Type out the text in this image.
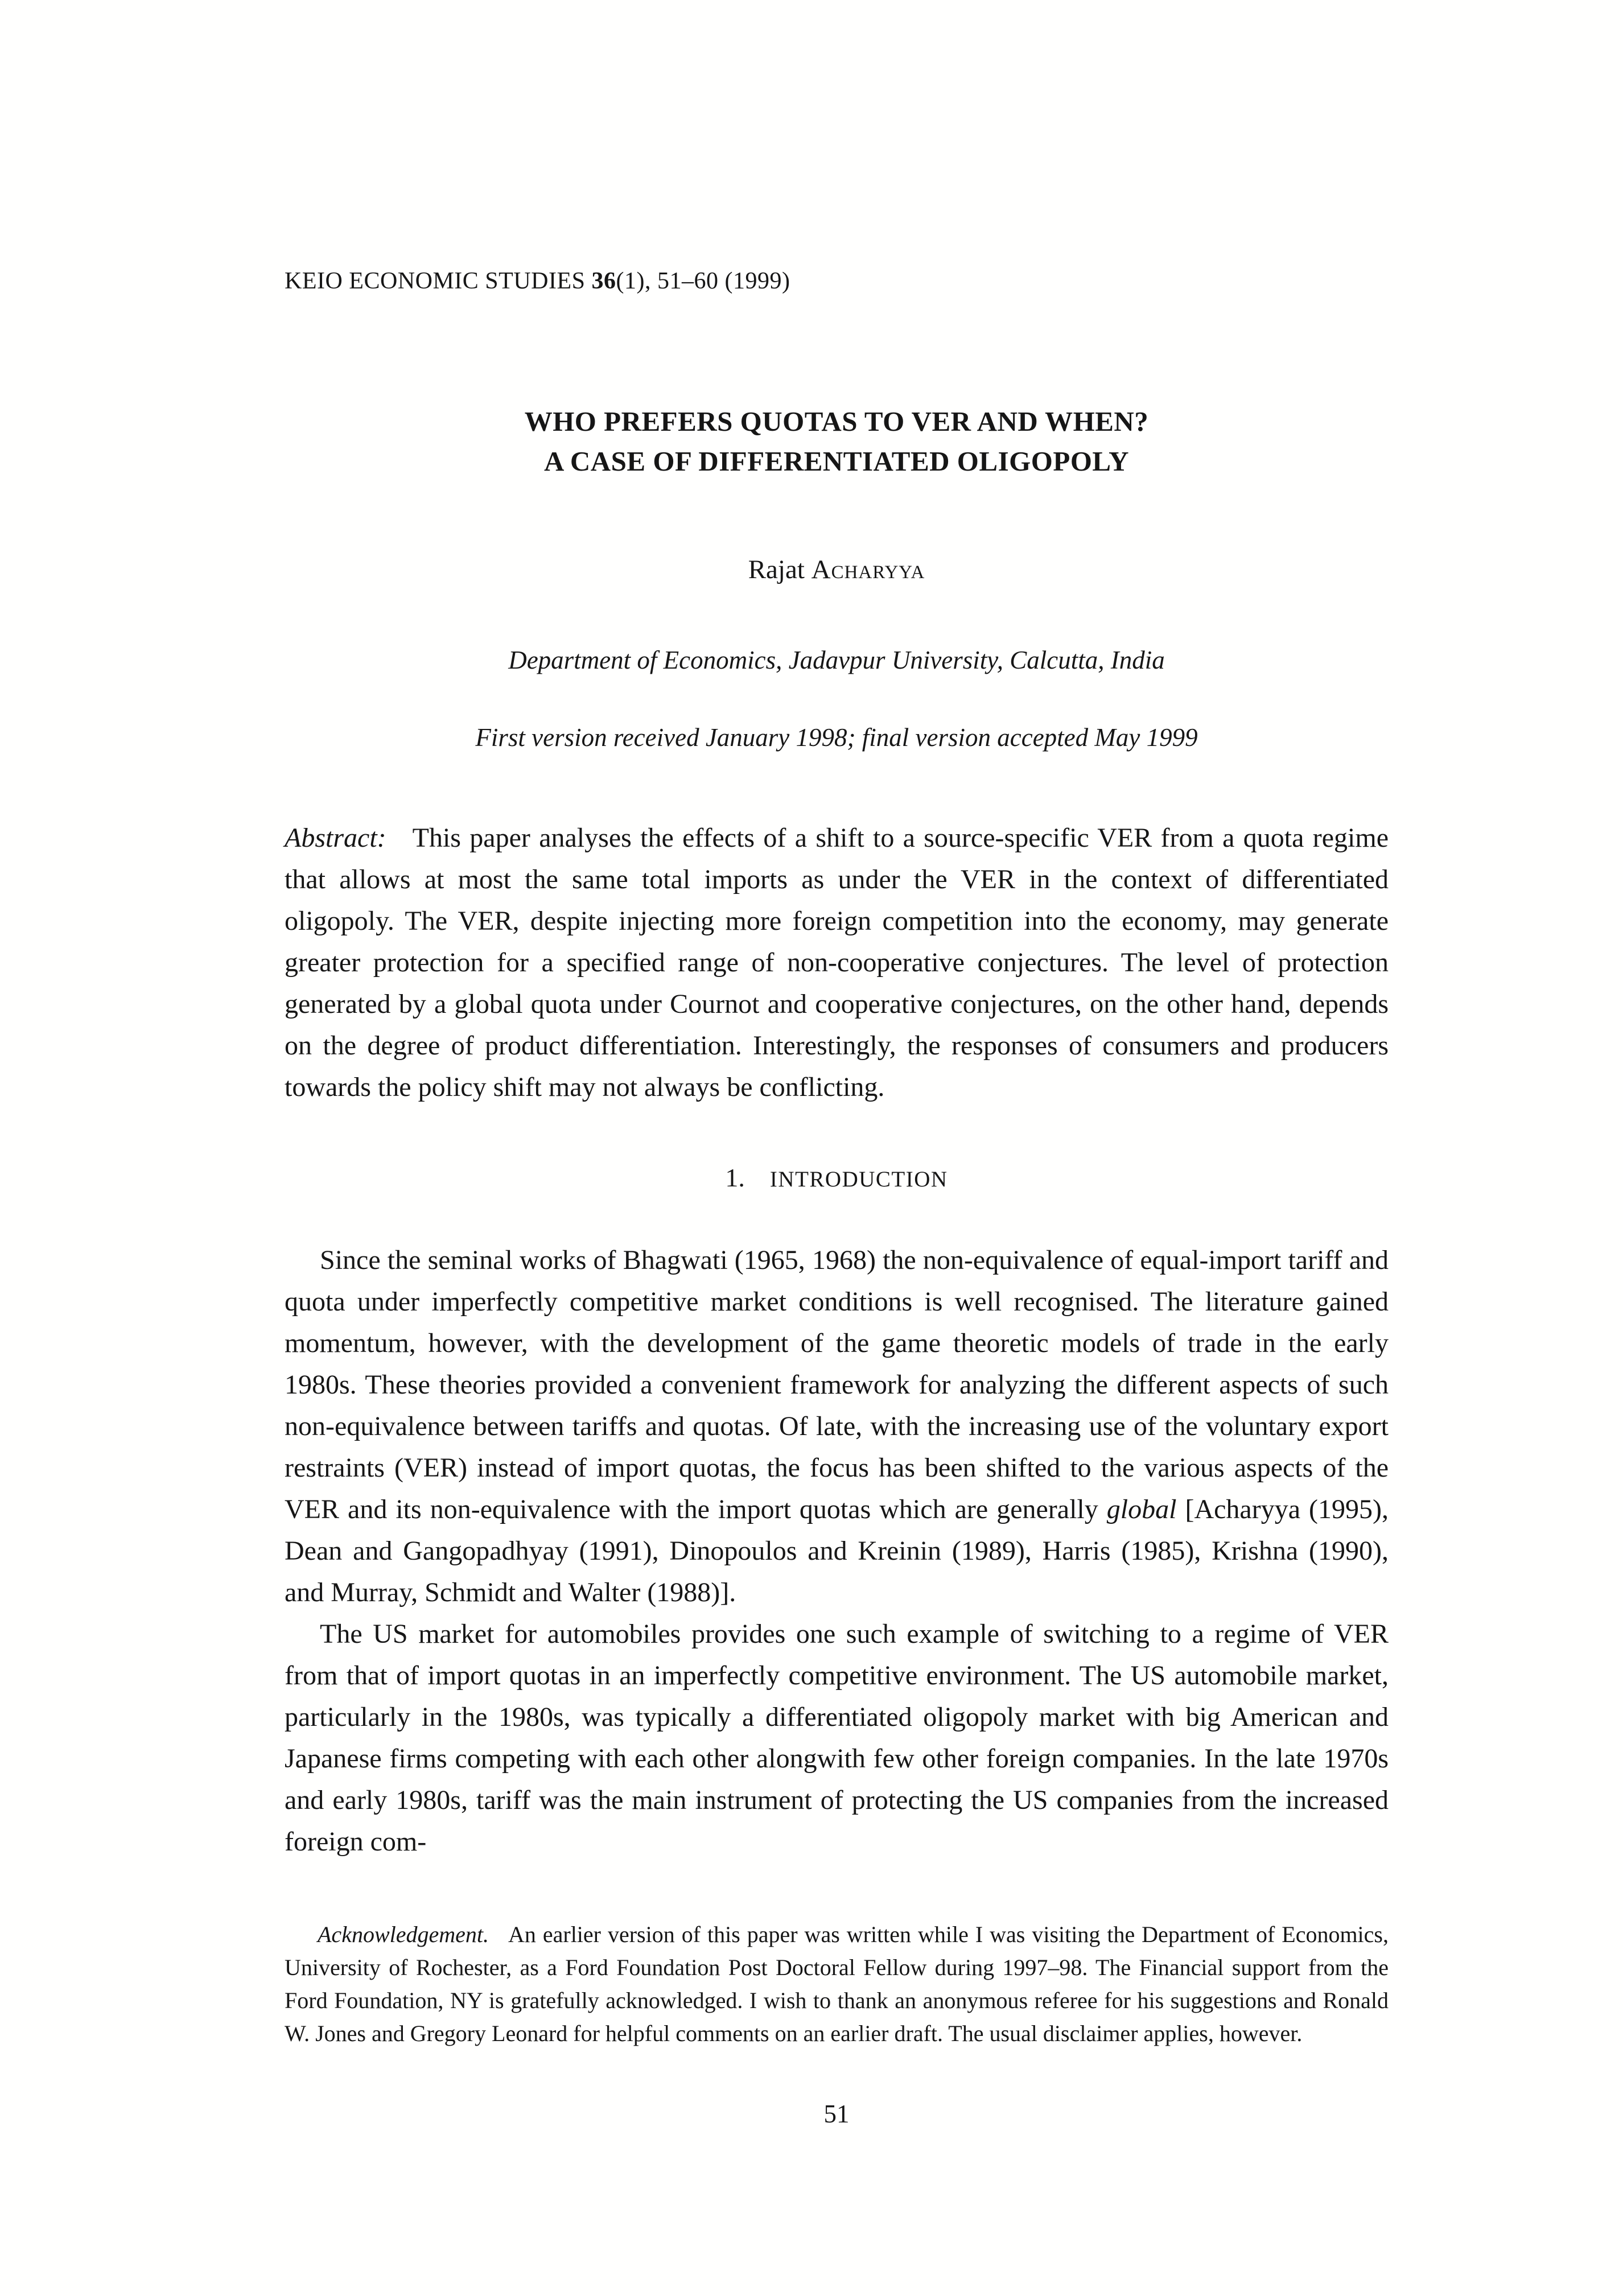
KEIO ECONOMIC STUDIES 36(1), 51–60 (1999)
WHO PREFERS QUOTAS TO VER AND WHEN?
A CASE OF DIFFERENTIATED OLIGOPOLY
Rajat Acharyya
Department of Economics, Jadavpur University, Calcutta, India
First version received January 1998; final version accepted May 1999
Abstract: This paper analyses the effects of a shift to a source-specific VER from a quota regime that allows at most the same total imports as under the VER in the context of differentiated oligopoly. The VER, despite injecting more foreign competition into the economy, may generate greater protection for a specified range of non-cooperative conjectures. The level of protection generated by a global quota under Cournot and cooperative conjectures, on the other hand, depends on the degree of product differentiation. Interestingly, the responses of consumers and producers towards the policy shift may not always be conflicting.
1. INTRODUCTION

Since the seminal works of Bhagwati (1965, 1968) the non-equivalence of equal-import tariff and quota under imperfectly competitive market conditions is well recognised. The literature gained momentum, however, with the development of the game theoretic models of trade in the early 1980s. These theories provided a convenient framework for analyzing the different aspects of such non-equivalence between tariffs and quotas. Of late, with the increasing use of the voluntary export restraints (VER) instead of import quotas, the focus has been shifted to the various aspects of the VER and its non-equivalence with the import quotas which are generally global [Acharyya (1995), Dean and Gangopadhyay (1991), Dinopoulos and Kreinin (1989), Harris (1985), Krishna (1990), and Murray, Schmidt and Walter (1988)].

The US market for automobiles provides one such example of switching to a regime of VER from that of import quotas in an imperfectly competitive environment. The US automobile market, particularly in the 1980s, was typically a differentiated oligopoly market with big American and Japanese firms competing with each other alongwith few other foreign companies. In the late 1970s and early 1980s, tariff was the main instrument of protecting the US companies from the increased foreign com-

Acknowledgement. An earlier version of this paper was written while I was visiting the Department of Economics, University of Rochester, as a Ford Foundation Post Doctoral Fellow during 1997–98. The Financial support from the Ford Foundation, NY is gratefully acknowledged. I wish to thank an anonymous referee for his suggestions and Ronald W. Jones and Gregory Leonard for helpful comments on an earlier draft. The usual disclaimer applies, however.
51
